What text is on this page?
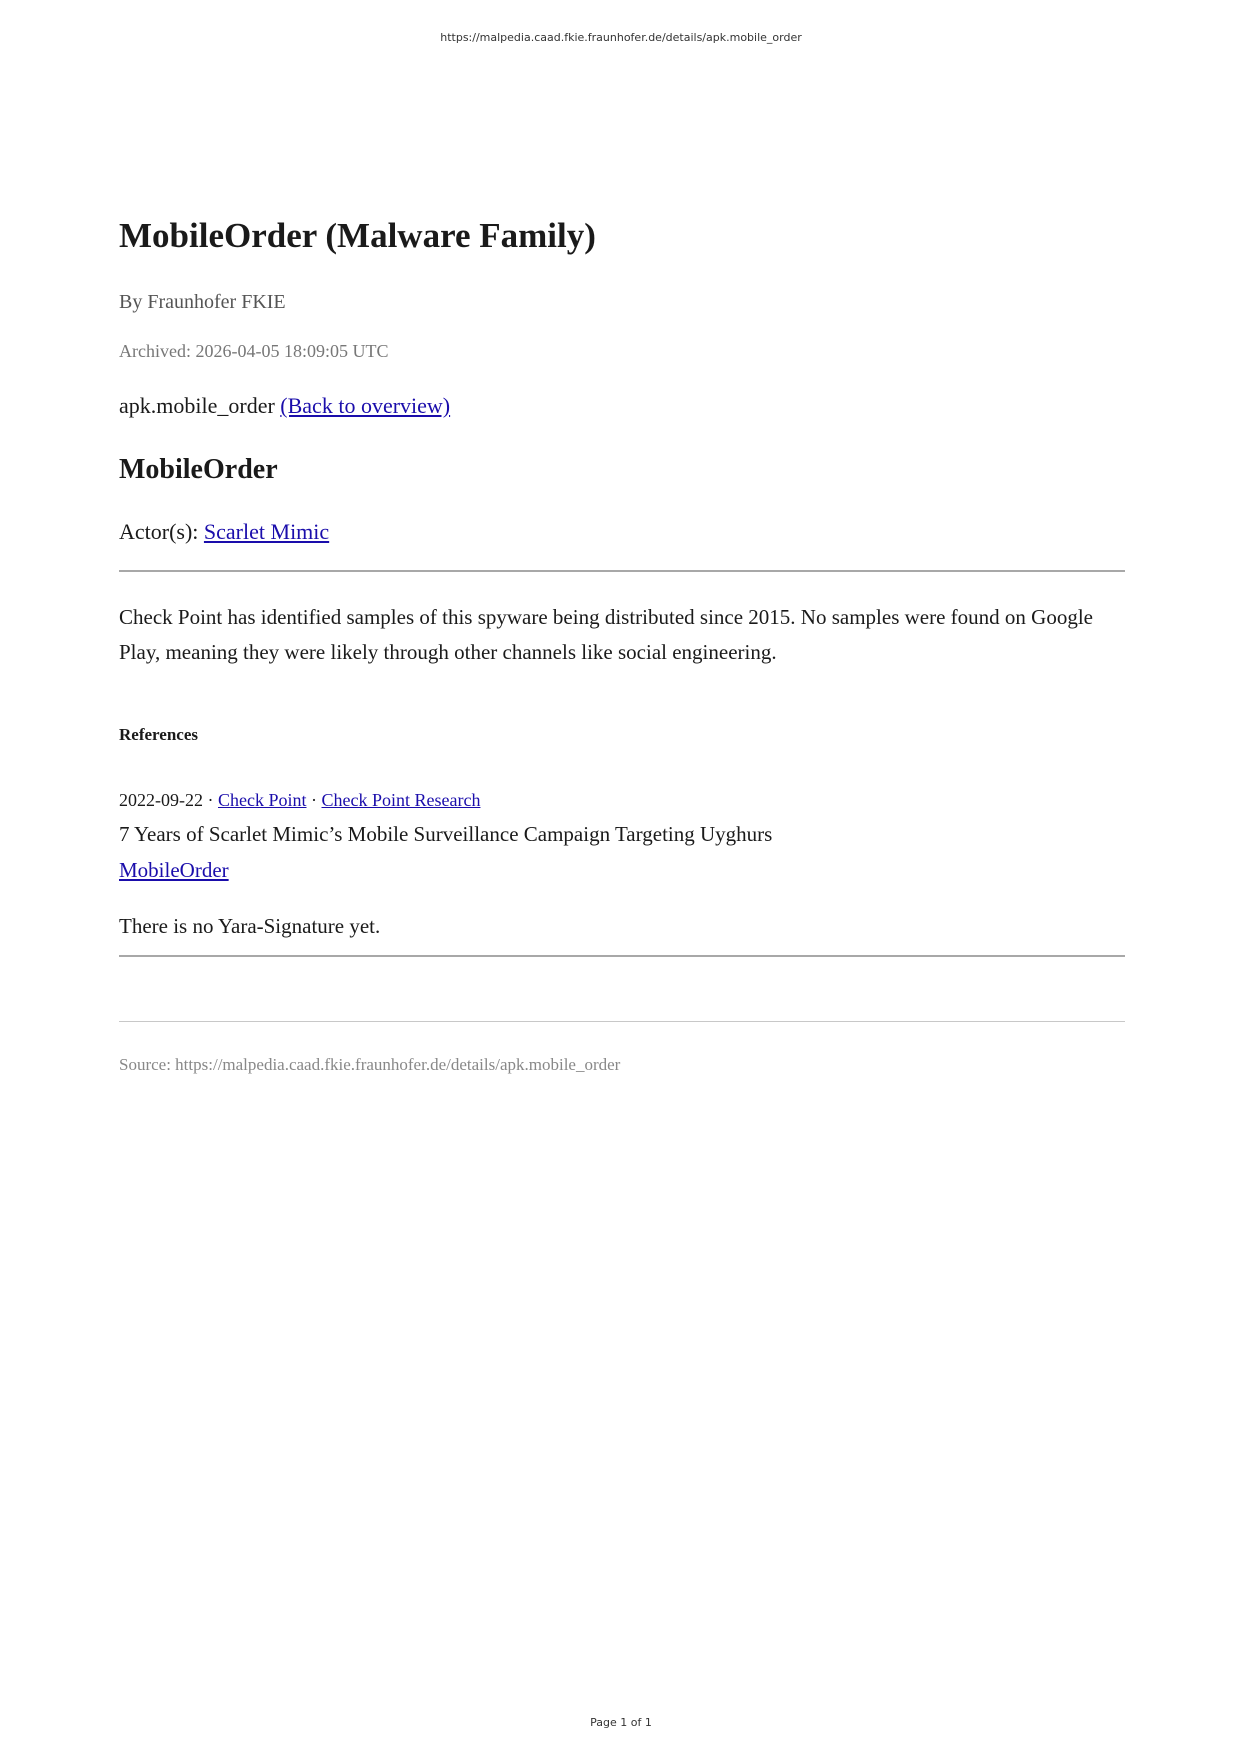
https://malpedia.caad.fkie.fraunhofer.de/details/apk.mobile_order
MobileOrder (Malware Family)
By Fraunhofer FKIE
Archived: 2026-04-05 18:09:05 UTC
apk.mobile_order (Back to overview)
MobileOrder
Actor(s): Scarlet Mimic

Check Point has identified samples of this spyware being distributed since 2015. No samples were found on Google Play, meaning they were likely through other channels like social engineering.

References
2022-09-22 · Check Point · Check Point Research
7 Years of Scarlet Mimic’s Mobile Surveillance Campaign Targeting Uyghurs
MobileOrder
There is no Yara-Signature yet.
Source: https://malpedia.caad.fkie.fraunhofer.de/details/apk.mobile_order
Page 1 of 1
